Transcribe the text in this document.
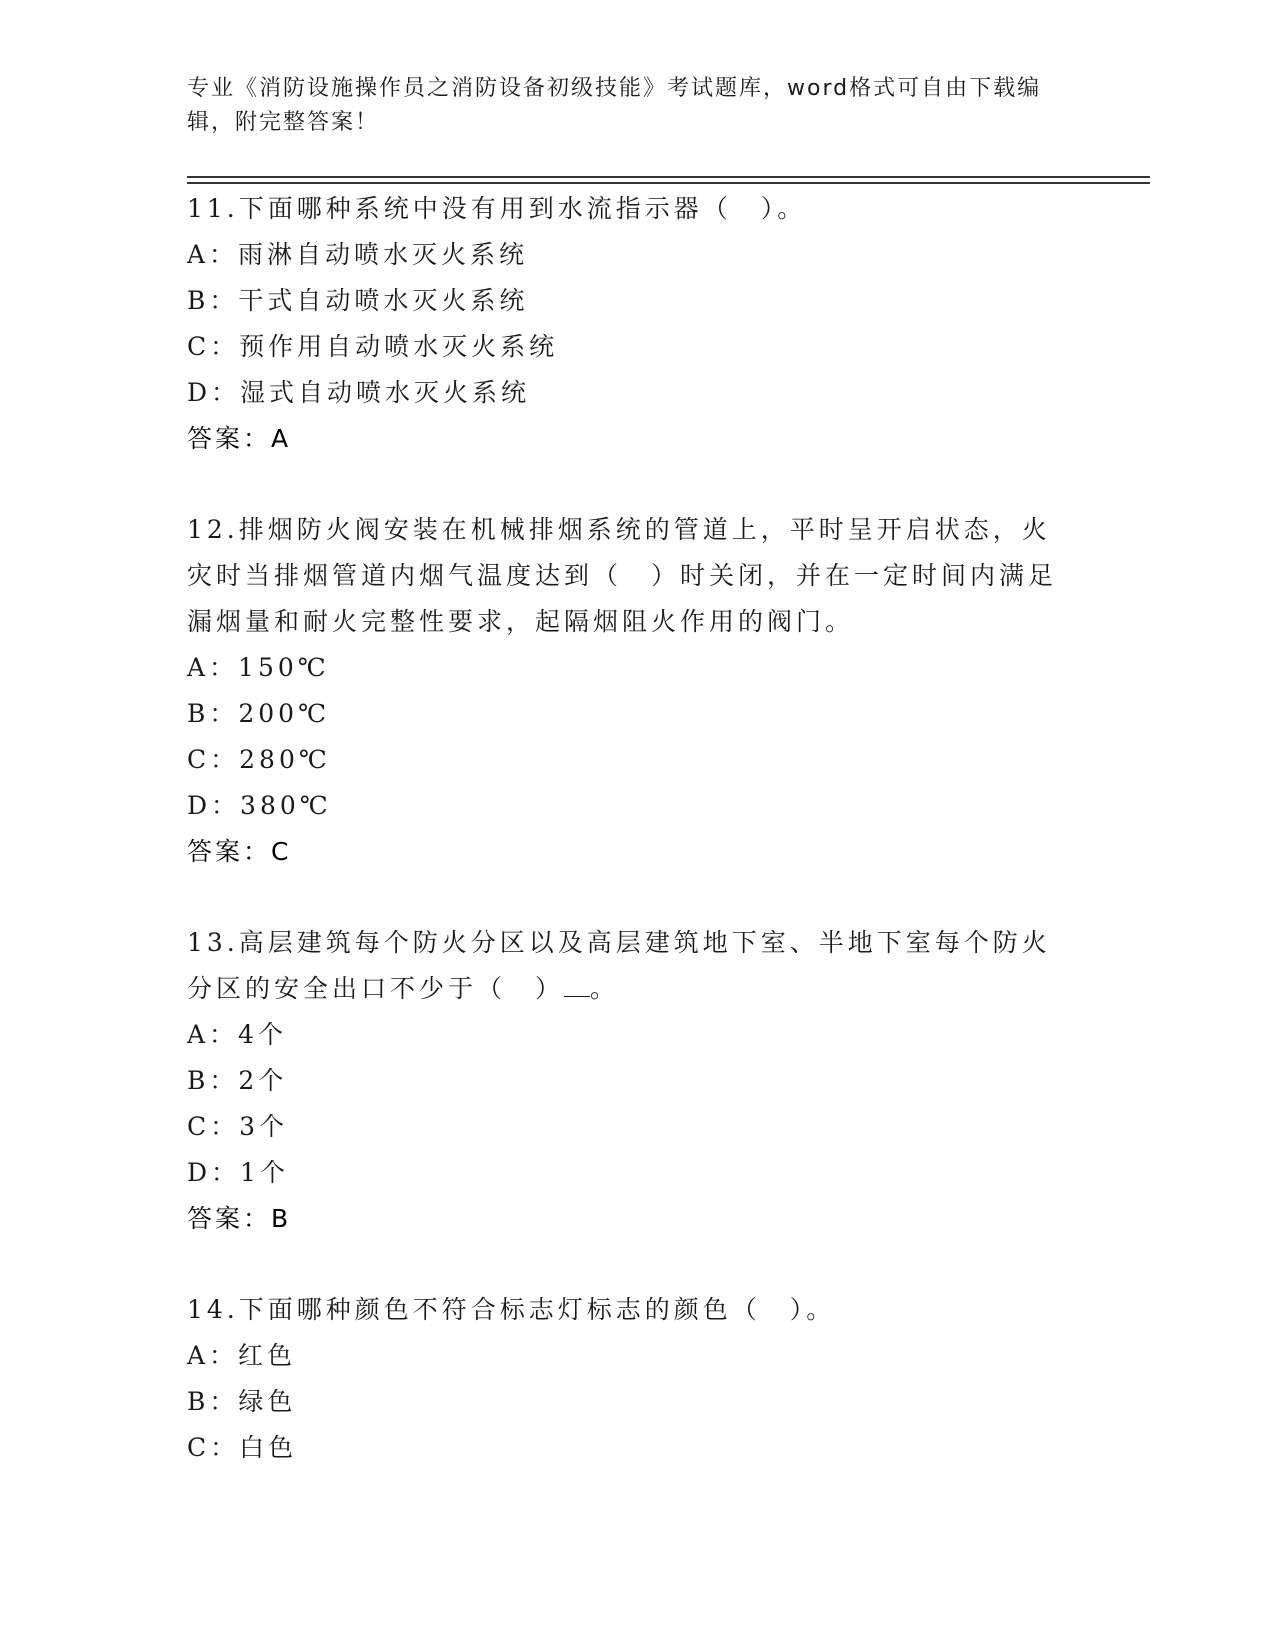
专业《消防设施操作员之消防设备初级技能》考试题库，word格式可自由下载编辑，附完整答案！

11.下面哪种系统中没有用到水流指示器（　）。

A：雨淋自动喷水灭火系统

B：干式自动喷水灭火系统

C：预作用自动喷水灭火系统

D：湿式自动喷水灭火系统

答案：A

12.排烟防火阀安装在机械排烟系统的管道上，平时呈开启状态，火灾时当排烟管道内烟气温度达到（　）时关闭，并在一定时间内满足漏烟量和耐火完整性要求，起隔烟阻火作用的阀门。

A：150℃

B：200℃

C：280℃

D：380℃

答案：C

13.高层建筑每个防火分区以及高层建筑地下室、半地下室每个防火分区的安全出口不少于（　） 。

A：4个

B：2个

C：3个

D：1个

答案：B

14.下面哪种颜色不符合标志灯标志的颜色（　）。

A：红色

B：绿色

C：白色
